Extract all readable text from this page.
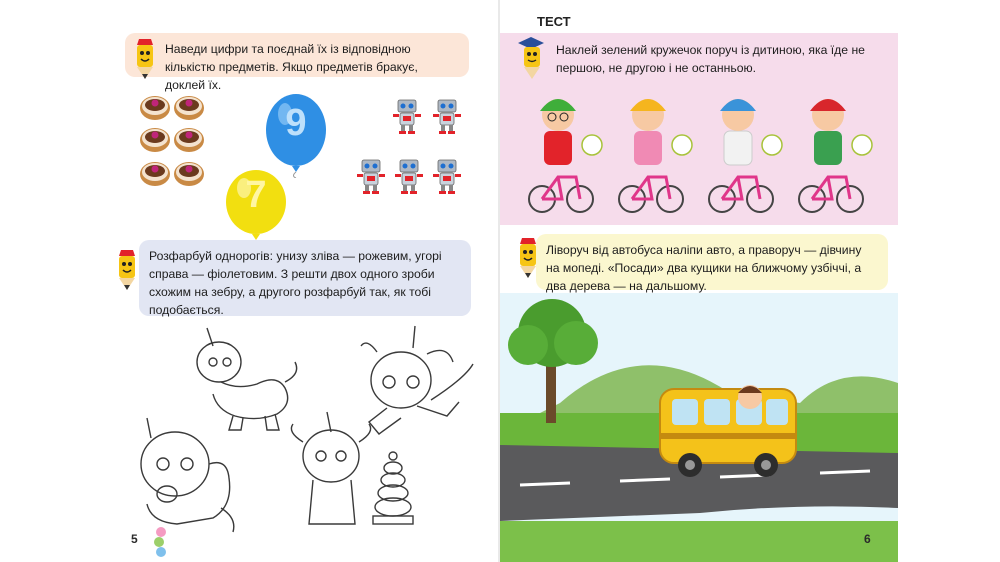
Наведи цифри та поєднай їх із відповідною кількістю предметів. Якщо предметів бракує, доклей їх.
9
7
Розфарбуй однорогів: унизу зліва — рожевим, угорі справа — фіолетовим. З решти двох одного зроби схожим на зебру, а другого розфарбуй так, як тобі подобається.
5
ТЕСТ
Наклей зелений кружечок поруч із дитиною, яка їде не першою, не другою і не останньою.
Ліворуч від автобуса наліпи авто, а праворуч — дівчину на мопеді. «Посади» два кущики на ближчому узбіччі, а два дерева — на дальшому.
6
